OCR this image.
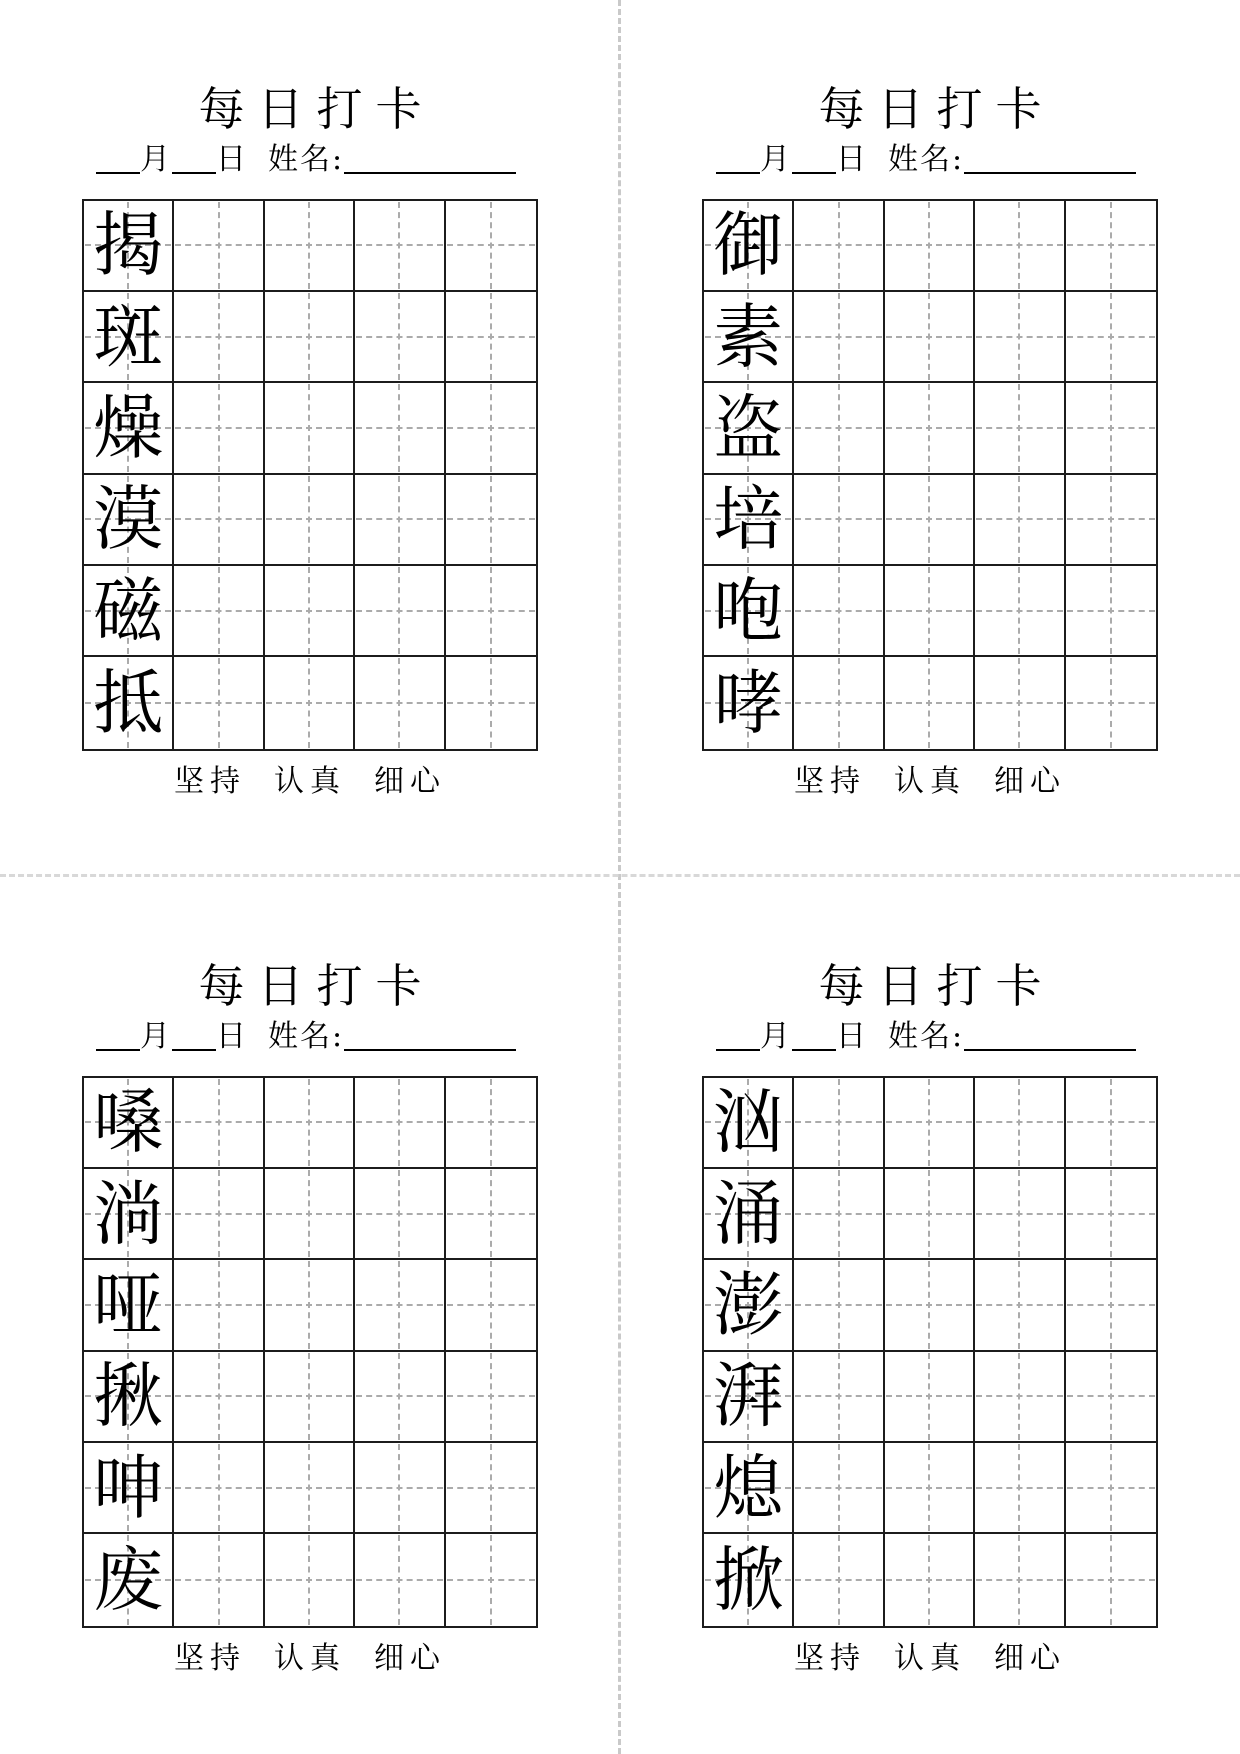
每日打卡
月 日 姓名:
揭
斑
燥
漠
磁
抵
坚持 认真 细心
每日打卡
月 日 姓名:
御
素
盗
培
咆
哮
坚持 认真 细心
每日打卡
月 日 姓名:
嗓
淌
哑
揪
呻
废
坚持 认真 细心
每日打卡
月 日 姓名:
汹
涌
澎
湃
熄
掀
坚持 认真 细心
